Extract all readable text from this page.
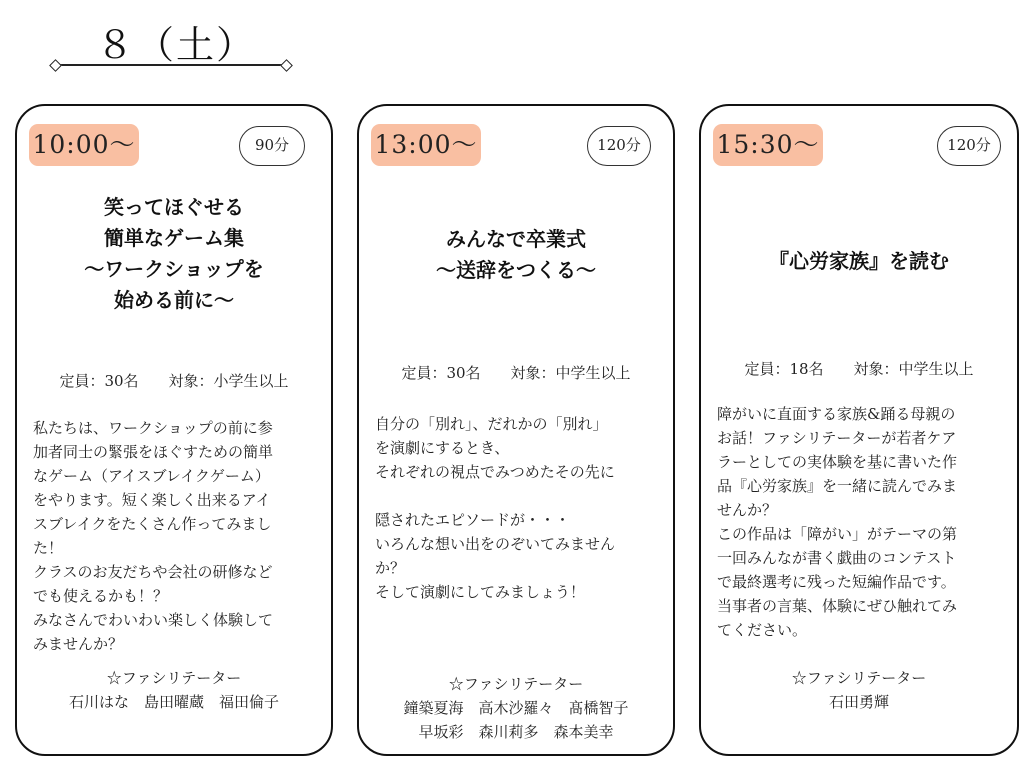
８（土）
10:00〜	90分
笑ってほぐせる
簡単なゲーム集
〜ワークショップを
始める前に〜
定員：30名 対象：小学生以上
私たちは、ワークショップの前に参
加者同士の緊張をほぐすための簡単
なゲーム（アイスブレイクゲーム）
をやります。短く楽しく出来るアイ
スブレイクをたくさん作ってみまし
た！
クラスのお友だちや会社の研修など
でも使えるかも！？
みなさんでわいわい楽しく体験して
みませんか？
☆ファシリテーター
石川はな　島田曜蔵　福田倫子
13:00〜	120分
みんなで卒業式
〜送辞をつくる〜
定員：30名 対象：中学生以上
自分の「別れ」、だれかの「別れ」
を演劇にするとき、
それぞれの視点でみつめたその先に
隠されたエピソードが・・・
いろんな想い出をのぞいてみません
か？
そして演劇にしてみましょう！
☆ファシリテーター
鐘築夏海　高木沙羅々　髙橋智子
早坂彩　森川莉多　森本美幸
15:30〜	120分
『心労家族』を読む
定員：18名 対象：中学生以上
障がいに直面する家族&踊る母親の
お話！ファシリテーターが若者ケア
ラーとしての実体験を基に書いた作
品『心労家族』を一緒に読んでみま
せんか？
この作品は「障がい」がテーマの第
一回みんなが書く戯曲のコンテスト
で最終選考に残った短編作品です。
当事者の言葉、体験にぜひ触れてみ
てください。
☆ファシリテーター
石田勇輝
